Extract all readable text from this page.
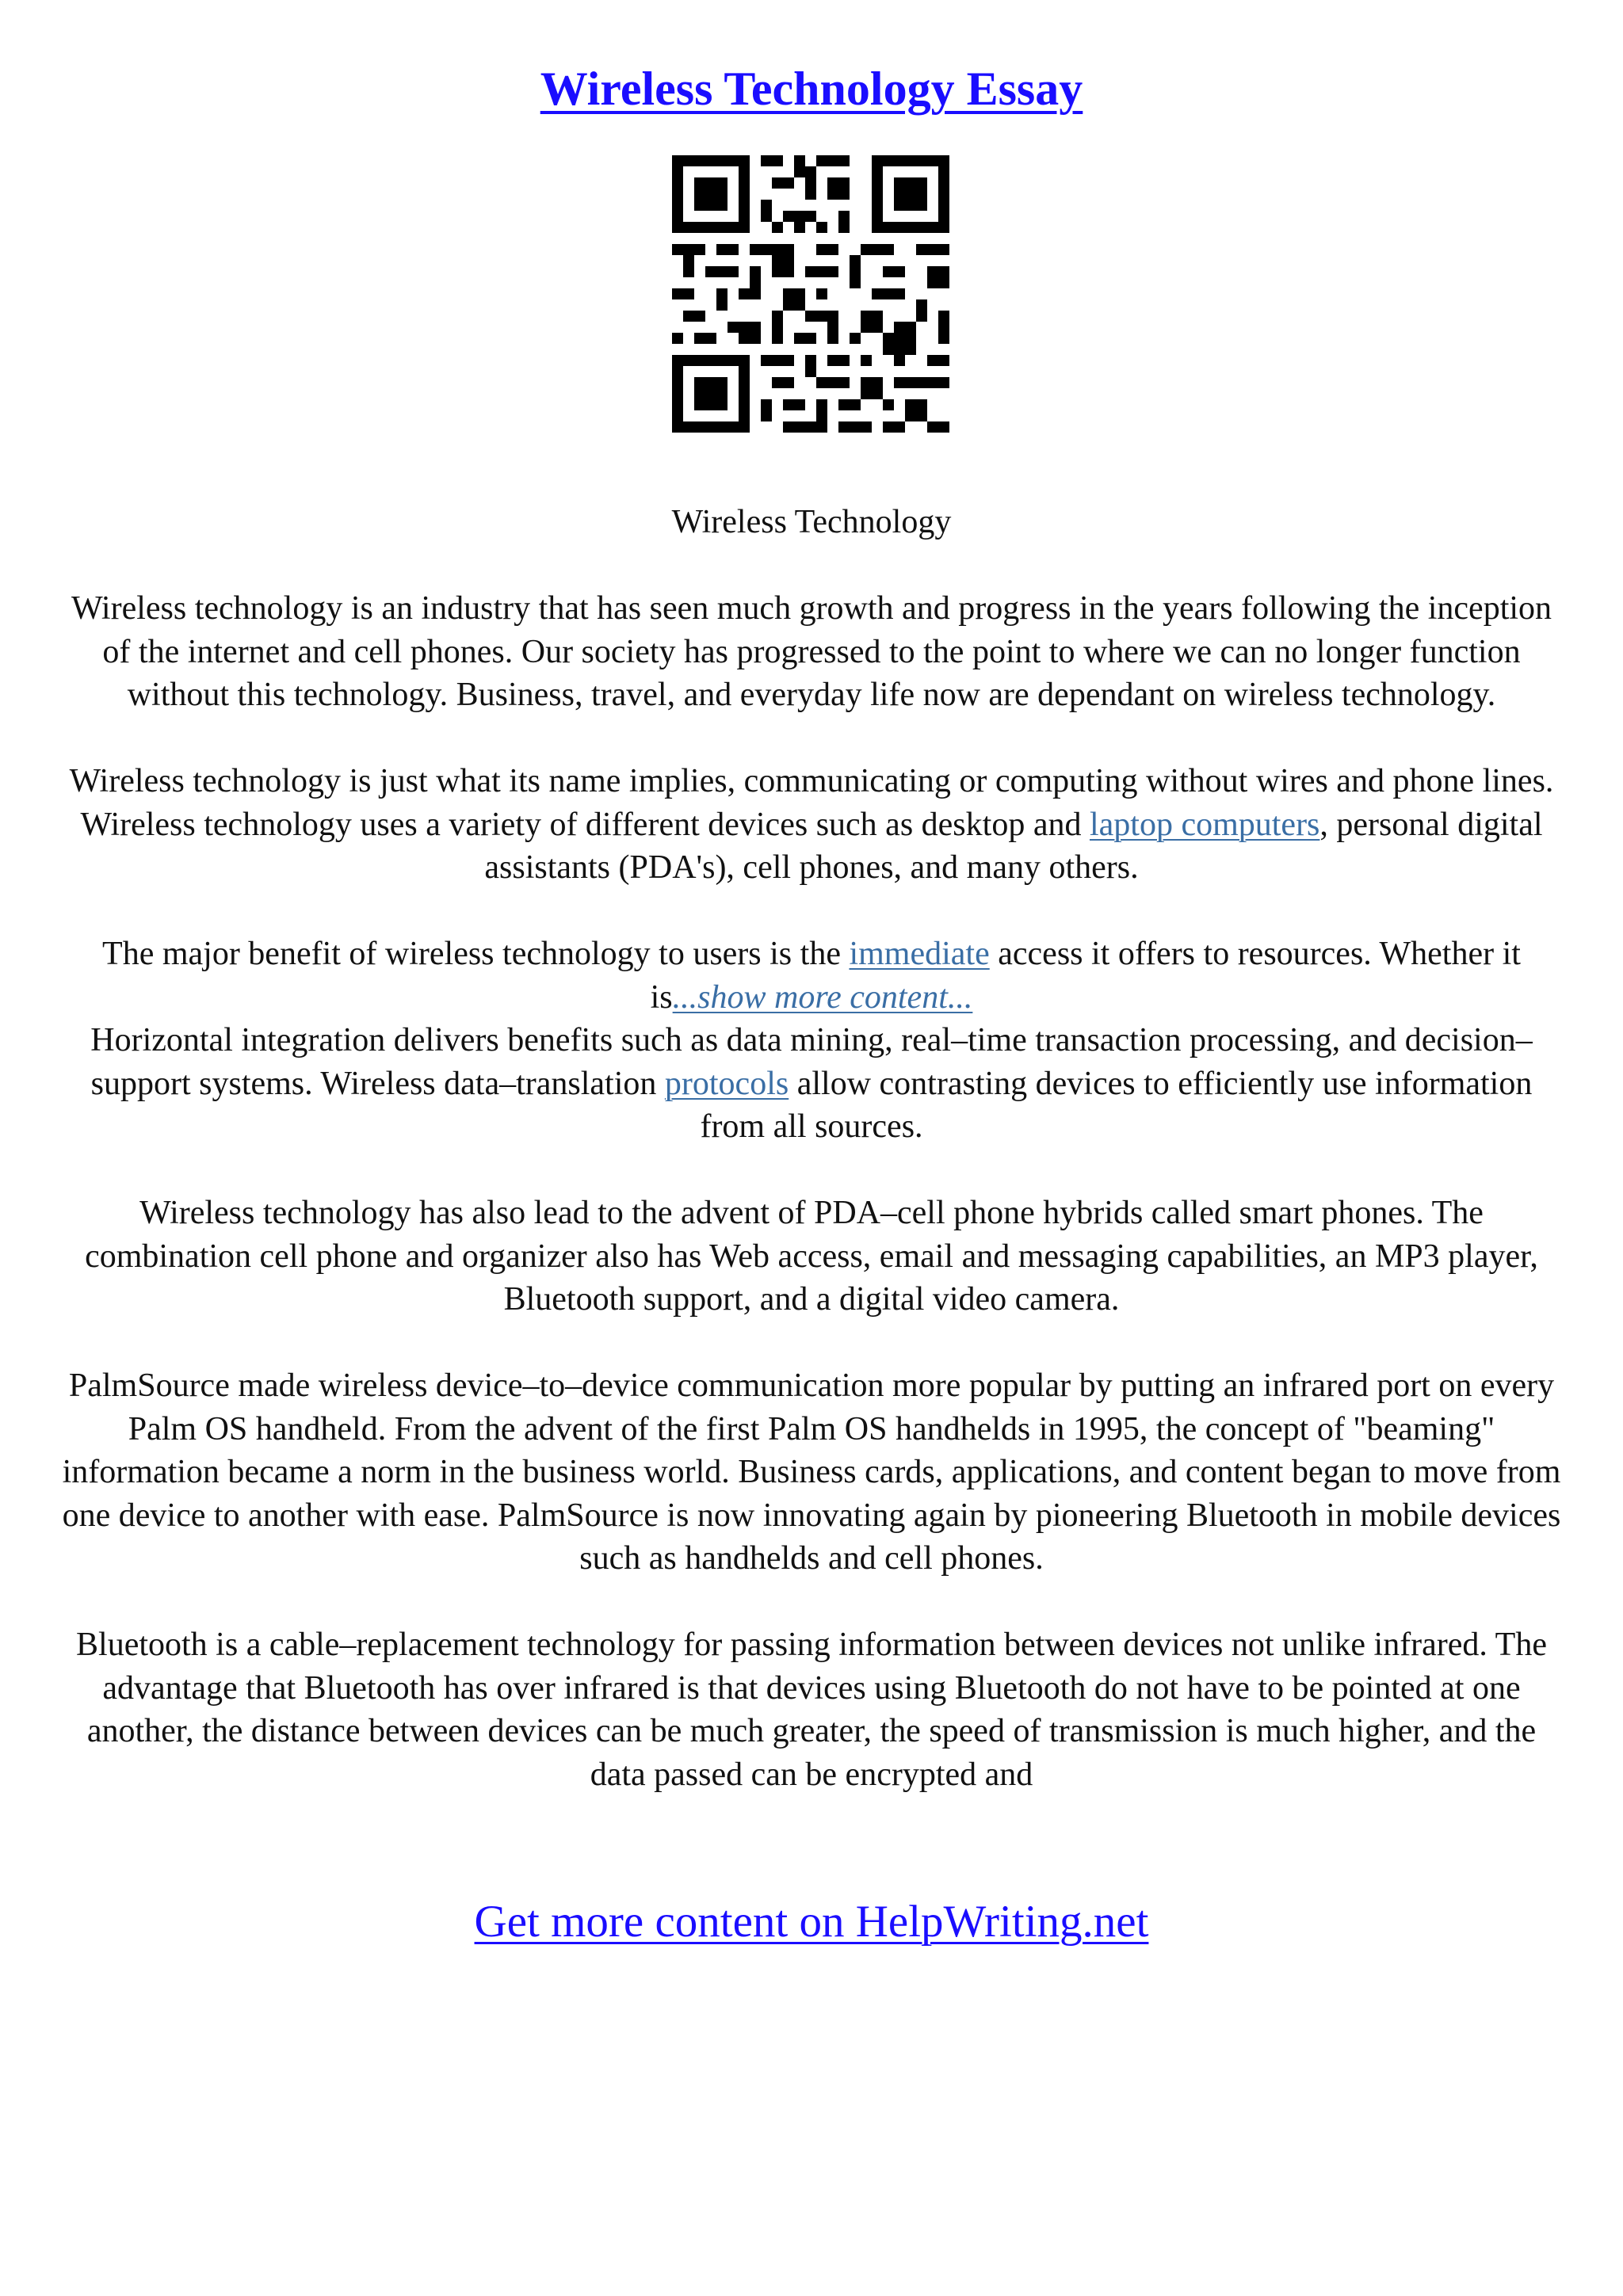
Wireless Technology Essay

Wireless Technology

Wireless technology is an industry that has seen much growth and progress in the years following the inception of the internet and cell phones. Our society has progressed to the point to where we can no longer function without this technology. Business, travel, and everyday life now are dependant on wireless technology.

Wireless technology is just what its name implies, communicating or computing without wires and phone lines. Wireless technology uses a variety of different devices such as desktop and laptop computers, personal digital assistants (PDA's), cell phones, and many others.

The major benefit of wireless technology to users is the immediate access it offers to resources. Whether it is...show more content...

Horizontal integration delivers benefits such as data mining, real–time transaction processing, and decision–support systems. Wireless data–translation protocols allow contrasting devices to efficiently use information from all sources.

Wireless technology has also lead to the advent of PDA–cell phone hybrids called smart phones. The combination cell phone and organizer also has Web access, email and messaging capabilities, an MP3 player, Bluetooth support, and a digital video camera.

PalmSource made wireless device–to–device communication more popular by putting an infrared port on every Palm OS handheld. From the advent of the first Palm OS handhelds in 1995, the concept of "beaming" information became a norm in the business world. Business cards, applications, and content began to move from one device to another with ease. PalmSource is now innovating again by pioneering Bluetooth in mobile devices such as handhelds and cell phones.

Bluetooth is a cable–replacement technology for passing information between devices not unlike infrared. The advantage that Bluetooth has over infrared is that devices using Bluetooth do not have to be pointed at one another, the distance between devices can be much greater, the speed of transmission is much higher, and the data passed can be encrypted and

Get more content on HelpWriting.net
